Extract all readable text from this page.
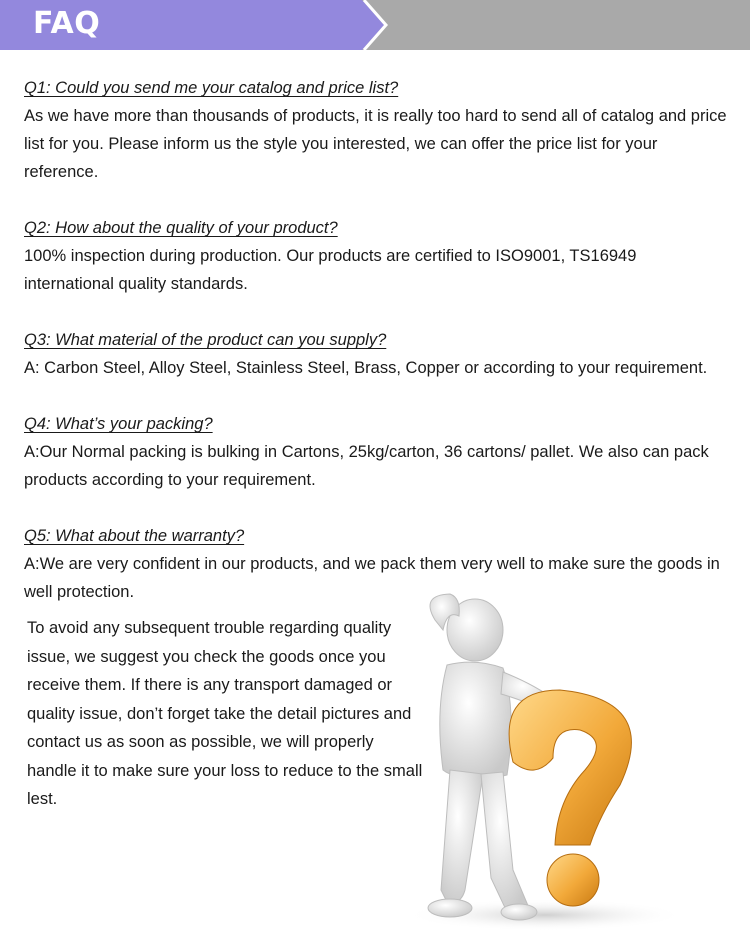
FAQ
Q1: Could you send me your catalog and price list?
As we have more than thousands of products, it is really too hard to send all of catalog and price list for you. Please inform us the style you interested, we can offer the price list for your reference.
Q2: How about the quality of your product?
100% inspection during production. Our products are certified to ISO9001, TS16949 international quality standards.
Q3: What material of the product can you supply?
A: Carbon Steel, Alloy Steel, Stainless Steel, Brass, Copper or according to your requirement.
Q4: What’s your packing?
A:Our Normal packing is bulking in Cartons, 25kg/carton, 36 cartons/ pallet. We also can pack products according to your requirement.
Q5: What about the warranty?
A:We are very confident in our products, and we pack them very well to make sure the goods in well protection.
To avoid any subsequent trouble regarding quality issue, we suggest you check the goods once you receive them. If there is any transport damaged or quality issue, don’t forget take the detail pictures and contact us as soon as possible, we will properly handle it to make sure your loss to reduce to the small lest.
